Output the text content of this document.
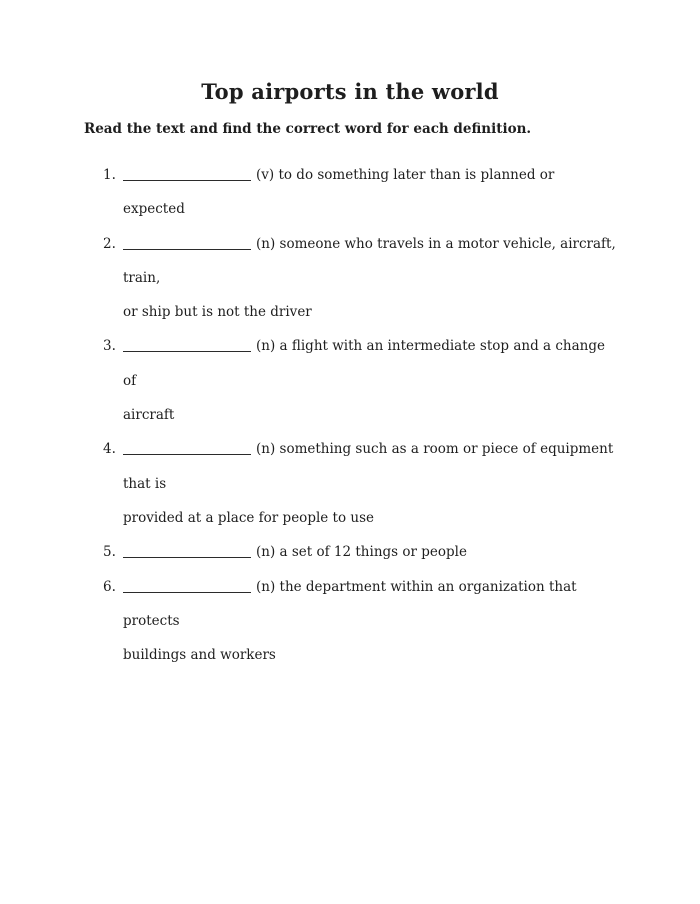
Top airports in the world

Read the text and find the correct word for each definition.

1.	(v) to do something later than is planned or expected
2.	(n) someone who travels in a motor vehicle, aircraft, train,
or ship but is not the driver
3.	(n) a flight with an intermediate stop and a change of
aircraft
4.	(n) something such as a room or piece of equipment that is
provided at a place for people to use
5.	(n) a set of 12 things or people
6.	(n) the department within an organization that protects
buildings and workers
